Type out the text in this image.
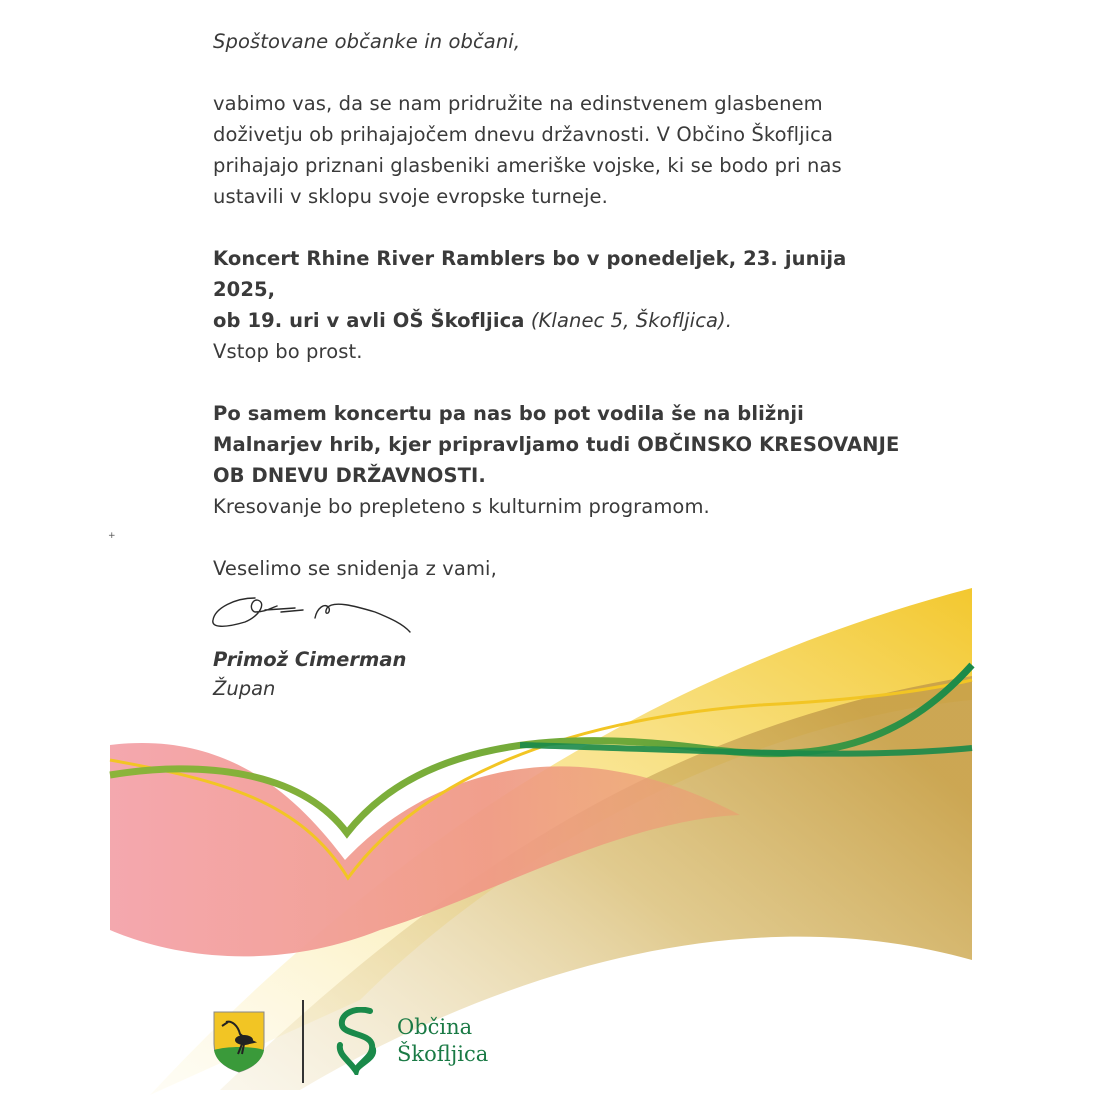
+

Spoštovane občanke in občani,

vabimo vas, da se nam pridružite na edinstvenem glasbenem

doživetju ob prihajajočem dnevu državnosti. V Občino Škofljica

prihajajo priznani glasbeniki ameriške vojske, ki se bodo pri nas

ustavili v sklopu svoje evropske turneje.

Koncert Rhine River Ramblers bo v ponedeljek, 23. junija 2025,

ob 19. uri v avli OŠ Škofljica (Klanec 5, Škofljica).

Vstop bo prost.

Po samem koncertu pa nas bo pot vodila še na bližnji

Malnarjev hrib, kjer pripravljamo tudi OBČINSKO KRESOVANJE

OB DNEVU DRŽAVNOSTI.

Kresovanje bo prepleteno s kulturnim programom.

Veselimo se snidenja z vami,

Primož Cimerman
Župan
Občina
Škofljica
